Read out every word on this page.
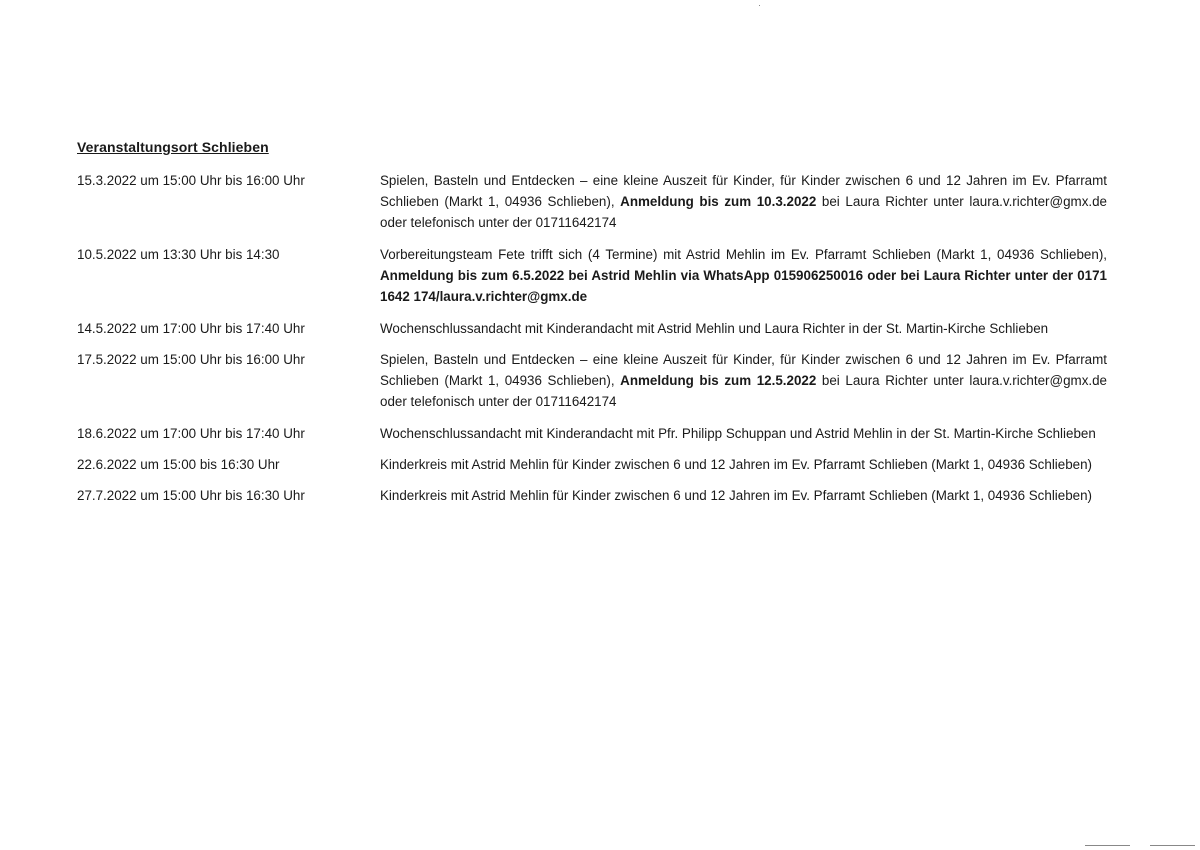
Veranstaltungsort Schlieben
15.3.2022 um 15:00 Uhr bis 16:00 Uhr	Spielen, Basteln und Entdecken – eine kleine Auszeit für Kinder, für Kinder zwischen 6 und 12 Jahren im Ev. Pfarramt Schlieben (Markt 1, 04936 Schlieben), Anmeldung bis zum 10.3.2022 bei Laura Richter unter laura.v.richter@gmx.de oder telefonisch unter der 01711642174
10.5.2022 um 13:30 Uhr bis 14:30	Vorbereitungsteam Fete trifft sich (4 Termine) mit Astrid Mehlin im Ev. Pfarramt Schlieben (Markt 1, 04936 Schlieben), Anmeldung bis zum 6.5.2022 bei Astrid Mehlin via WhatsApp 015906250016 oder bei Laura Richter unter der 0171 1642 174/laura.v.richter@gmx.de
14.5.2022 um 17:00 Uhr bis 17:40 Uhr	Wochenschlussandacht mit Kinderandacht mit Astrid Mehlin und Laura Richter in der St. Martin-Kirche Schlieben
17.5.2022 um 15:00 Uhr bis 16:00 Uhr	Spielen, Basteln und Entdecken – eine kleine Auszeit für Kinder, für Kinder zwischen 6 und 12 Jahren im Ev. Pfarramt Schlieben (Markt 1, 04936 Schlieben), Anmeldung bis zum 12.5.2022 bei Laura Richter unter laura.v.richter@gmx.de oder telefonisch unter der 01711642174
18.6.2022 um 17:00 Uhr bis 17:40 Uhr	Wochenschlussandacht mit Kinderandacht mit Pfr. Philipp Schuppan und Astrid Mehlin in der St. Martin-Kirche Schlieben
22.6.2022 um 15:00 bis 16:30 Uhr	Kinderkreis mit Astrid Mehlin für Kinder zwischen 6 und 12 Jahren im Ev. Pfarramt Schlieben (Markt 1, 04936 Schlieben)
27.7.2022 um 15:00 Uhr bis 16:30 Uhr	Kinderkreis mit Astrid Mehlin für Kinder zwischen 6 und 12 Jahren im Ev. Pfarramt Schlieben (Markt 1, 04936 Schlieben)
